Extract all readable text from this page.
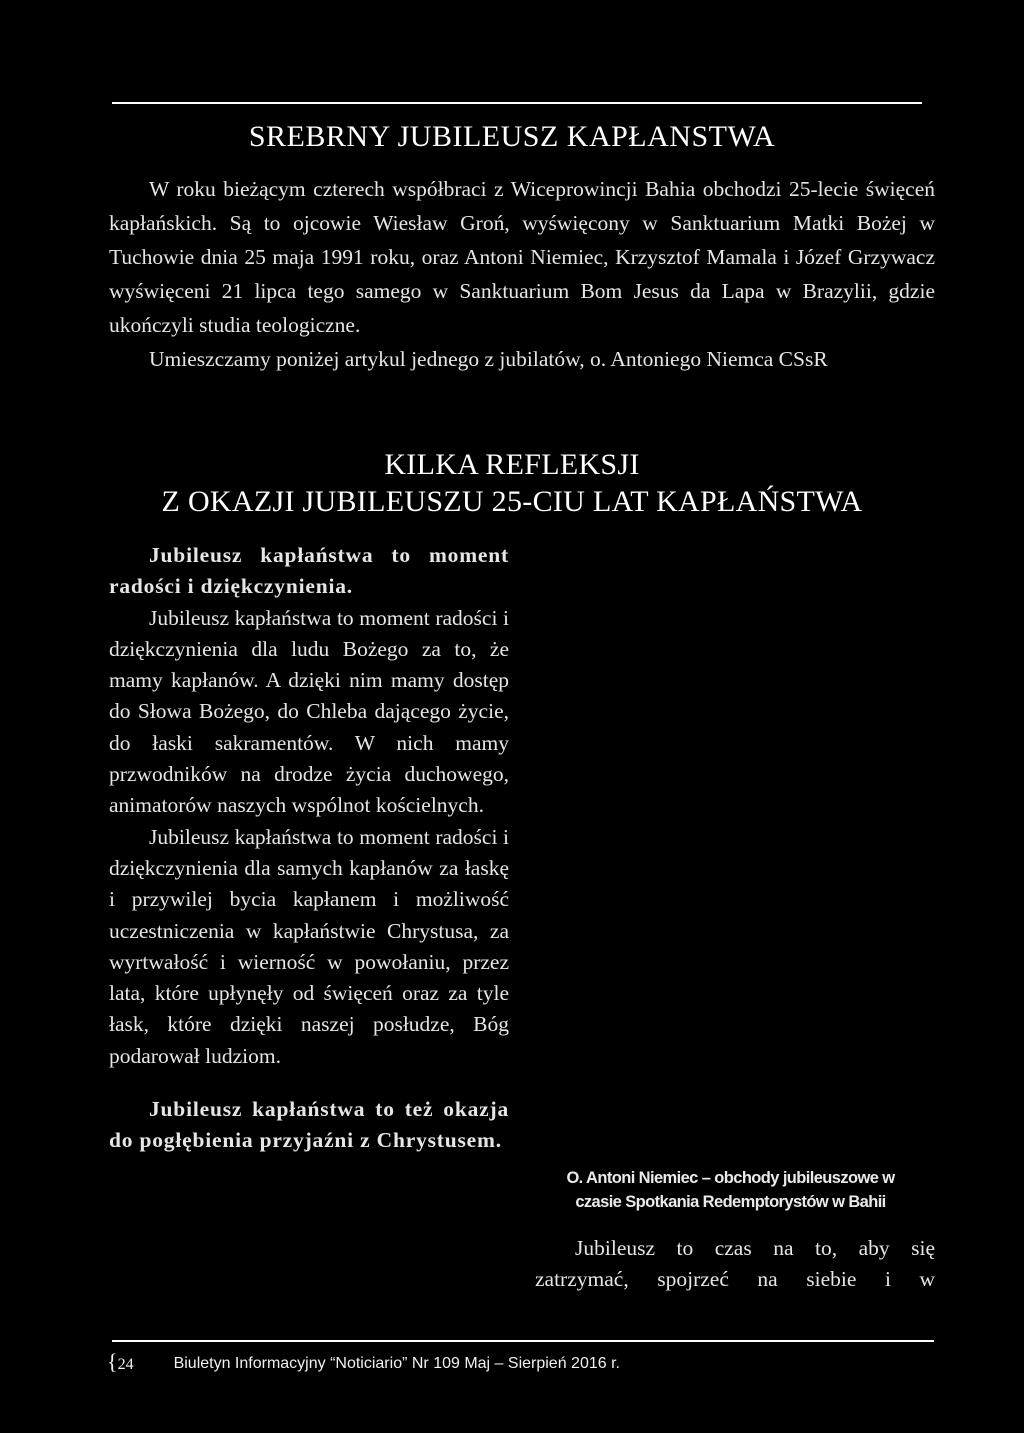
SREBRNY JUBILEUSZ KAPŁANSTWA

W roku bieżącym czterech współbraci z Wiceprowincji Bahia obchodzi 25-lecie święceń kapłańskich. Są to ojcowie Wiesław Groń, wyświęcony w Sanktuarium Matki Bożej w Tuchowie dnia 25 maja 1991 roku, oraz Antoni Niemiec, Krzysztof Mamala i Józef Grzywacz wyświęceni 21 lipca tego samego w Sanktuarium Bom Jesus da Lapa w Brazylii, gdzie ukończyli studia teologiczne.

Umieszczamy poniżej artykul jednego z jubilatów, o. Antoniego Niemca CSsR

KILKA REFLEKSJI
Z OKAZJI JUBILEUSZU 25-CIU LAT KAPŁAŃSTWA

Jubileusz kapłaństwa to moment radości i dziękczynienia.

Jubileusz kapłaństwa to moment radości i dziękczynienia dla ludu Bożego za to, że mamy kapłanów. A dzięki nim mamy dostęp do Słowa Bożego, do Chleba dającego życie, do łaski sakramentów. W nich mamy przwodników na drodze życia duchowego, animatorów naszych wspólnot kościelnych.

Jubileusz kapłaństwa to moment radości i dziękczynienia dla samych kapłanów za łaskę i przywilej bycia kapłanem i możliwość uczestniczenia w kapłaństwie Chrystusa, za wyrtwałość i wierność w powołaniu, przez lata, które upłynęły od święceń oraz za tyle łask, które dzięki naszej posłudze, Bóg podarował ludziom.

Jubileusz kapłaństwa to też okazja do pogłębienia przyjaźni z Chrystusem.

O. Antoni Niemiec – obchody jubileuszowe w
czasie Spotkania Redemptorystów w Bahii

Jubileusz to czas na to, aby się zatrzymać, spojrzeć na siebie i w

{24	Biuletyn Informacyjny “Noticiario” Nr 109 Maj – Sierpień 2016 r.
